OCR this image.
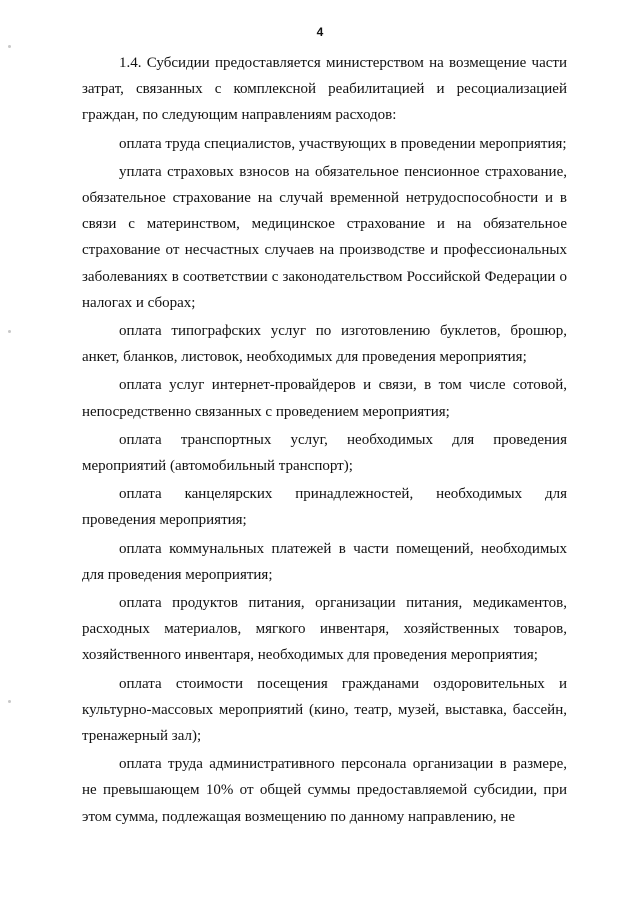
4

1.4. Субсидии предоставляется министерством на возмещение части затрат, связанных с комплексной реабилитацией и ресоциализацией граждан, по следующим направлениям расходов:

оплата труда специалистов, участвующих в проведении мероприятия;

уплата страховых взносов на обязательное пенсионное страхование, обязательное страхование на случай временной нетрудоспособности и в связи с материнством, медицинское страхование и на обязательное страхование от несчастных случаев на производстве и профессиональных заболеваниях в соответствии с законодательством Российской Федерации о налогах и сборах;

оплата типографских услуг по изготовлению буклетов, брошюр, анкет, бланков, листовок, необходимых для проведения мероприятия;

оплата услуг интернет-провайдеров и связи, в том числе сотовой, непосредственно связанных с проведением мероприятия;

оплата транспортных услуг, необходимых для проведения мероприятий (автомобильный транспорт);

оплата канцелярских принадлежностей, необходимых для проведения мероприятия;

оплата коммунальных платежей в части помещений, необходимых для проведения мероприятия;

оплата продуктов питания, организации питания, медикаментов, расходных материалов, мягкого инвентаря, хозяйственных товаров, хозяйственного инвентаря, необходимых для проведения мероприятия;

оплата стоимости посещения гражданами оздоровительных и культурно-массовых мероприятий (кино, театр, музей, выставка, бассейн, тренажерный зал);

оплата труда административного персонала организации в размере, не превышающем 10% от общей суммы предоставляемой субсидии, при этом сумма, подлежащая возмещению по данному направлению, не
